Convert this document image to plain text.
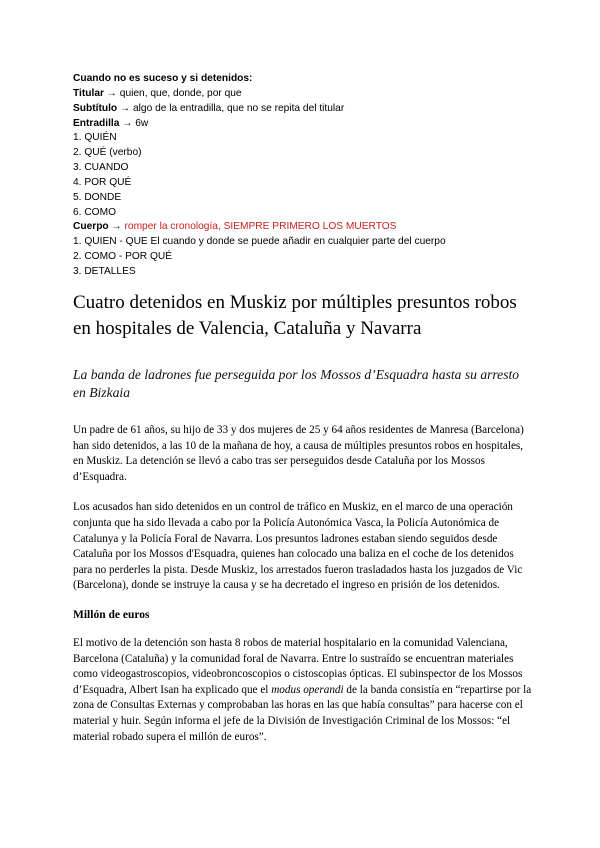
Cuando no es suceso y si detenidos:
Titular → quien, que, donde, por que
Subtítulo → algo de la entradilla, que no se repita del titular
Entradilla → 6w
1. QUIÉN
2. QUÉ (verbo)
3. CUANDO
4. POR QUÉ
5. DONDE
6. COMO
Cuerpo → romper la cronología, SIEMPRE PRIMERO LOS MUERTOS
1. QUIEN - QUE El cuando y donde se puede añadir en cualquier parte del cuerpo
2. COMO - POR QUÉ
3. DETALLES
Cuatro detenidos en Muskiz por múltiples presuntos robos en hospitales de Valencia, Cataluña y Navarra

La banda de ladrones fue perseguida por los Mossos d’Esquadra hasta su arresto en Bizkaia

Un padre de 61 años, su hijo de 33 y dos mujeres de 25 y 64 años residentes de Manresa (Barcelona) han sido detenidos, a las 10 de la mañana de hoy, a causa de múltiples presuntos robos en hospitales, en Muskiz. La detención se llevó a cabo tras ser perseguidos desde Cataluña por los Mossos d’Esquadra.

Los acusados han sido detenidos en un control de tráfico en Muskiz, en el marco de una operación conjunta que ha sido llevada a cabo por la Policía Autonómica Vasca, la Policía Autonómica de Catalunya y la Policía Foral de Navarra. Los presuntos ladrones estaban siendo seguidos desde Cataluña por los Mossos d'Esquadra, quienes han colocado una baliza en el coche de los detenidos para no perderles la pista. Desde Muskiz, los arrestados fueron trasladados hasta los juzgados de Vic (Barcelona), donde se instruye la causa y se ha decretado el ingreso en prisión de los detenidos.

Millón de euros

El motivo de la detención son hasta 8 robos de material hospitalario en la comunidad Valenciana, Barcelona (Cataluña) y la comunidad foral de Navarra. Entre lo sustraído se encuentran materiales como videogastroscopios, videobroncoscopios o cistoscopias ópticas. El subinspector de los Mossos d’Esquadra, Albert Isan ha explicado que el modus operandi de la banda consistía en “repartirse por la zona de Consultas Externas y comprobaban las horas en las que había consultas” para hacerse con el material y huir. Según informa el jefe de la División de Investigación Criminal de los Mossos: “el material robado supera el millón de euros”.
